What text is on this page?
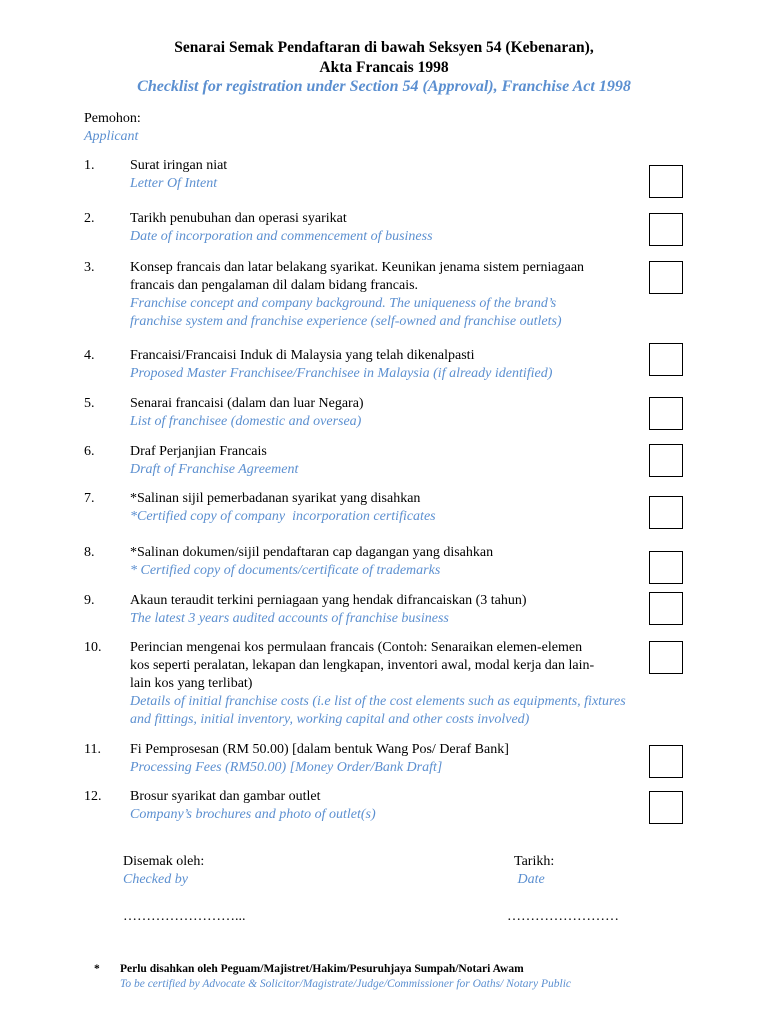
Senarai Semak Pendaftaran di bawah Seksyen 54 (Kebenaran),
Akta Francais 1998
Checklist for registration under Section 54 (Approval), Franchise Act 1998
Pemohon:
Applicant
1.	Surat iringan niat
Letter Of Intent
2.	Tarikh penubuhan dan operasi syarikat
Date of incorporation and commencement of business
3.	Konsep francais dan latar belakang syarikat. Keunikan jenama sistem perniagaan
francais dan pengalaman dil dalam bidang francais.
Franchise concept and company background. The uniqueness of the brand’s
franchise system and franchise experience (self-owned and franchise outlets)
4.	Francaisi/Francaisi Induk di Malaysia yang telah dikenalpasti
Proposed Master Franchisee/Franchisee in Malaysia (if already identified)
5.	Senarai francaisi (dalam dan luar Negara)
List of franchisee (domestic and oversea)
6.	Draf Perjanjian Francais
Draft of Franchise Agreement
7.	*Salinan sijil pemerbadanan syarikat yang disahkan
*Certified copy of company  incorporation certificates
8.	*Salinan dokumen/sijil pendaftaran cap dagangan yang disahkan
* Certified copy of documents/certificate of trademarks
9.	Akaun teraudit terkini perniagaan yang hendak difrancaiskan (3 tahun)
The latest 3 years audited accounts of franchise business
10. Perincian mengenai kos permulaan francais (Contoh: Senaraikan elemen-elemen
kos seperti peralatan, lekapan dan lengkapan, inventori awal, modal kerja dan lain-
lain kos yang terlibat)
Details of initial franchise costs (i.e list of the cost elements such as equipments, fixtures
and fittings, initial inventory, working capital and other costs involved)
11. Fi Pemprosesan (RM 50.00) [dalam bentuk Wang Pos/ Deraf Bank]
Processing Fees (RM50.00) [Money Order/Bank Draft]
12. Brosur syarikat dan gambar outlet
Company’s brochures and photo of outlet(s)
Disemak oleh:
Checked by
Tarikh:
Date
……………………...	……………………
* Perlu disahkan oleh Peguam/Majistret/Hakim/Pesuruhjaya Sumpah/Notari Awam
To be certified by Advocate & Solicitor/Magistrate/Judge/Commissioner for Oaths/ Notary Public
